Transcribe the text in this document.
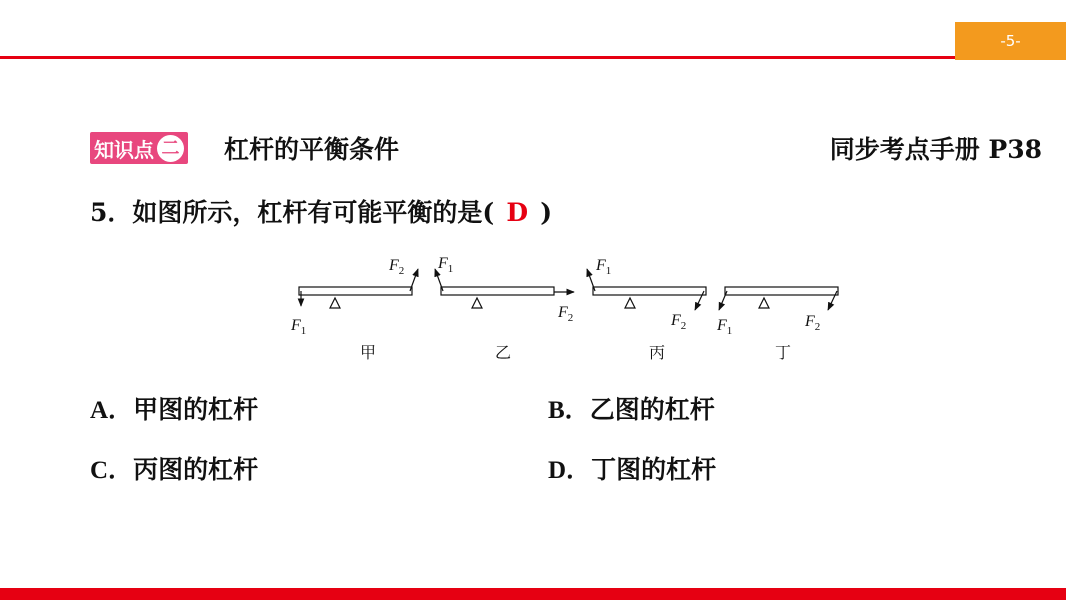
-5-
知识点 二 杠杆的平衡条件	同步考点手册 P38
5．如图所示，杠杆有可能平衡的是( D )
$F_1$
$F_2$
甲
$F_1$
$F_2$
乙
$F_1$
$F_2$
丙
$F_1$
$F_2$
丁
A．甲图的杠杆	B．乙图的杠杆
C．丙图的杠杆	D．丁图的杠杆
